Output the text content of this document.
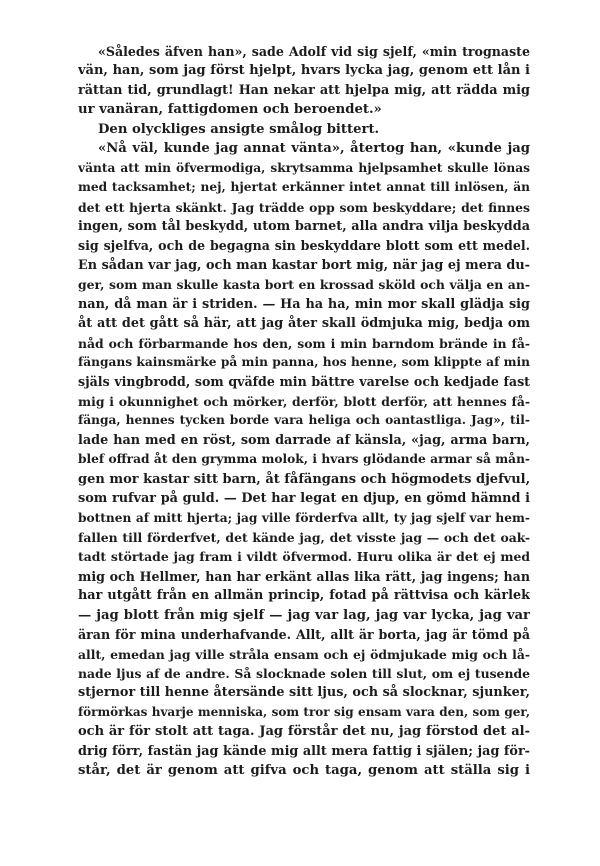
«Således äfven han», sade Adolf vid sig sjelf, «min trognaste
vän, han, som jag först hjelpt, hvars lycka jag, genom ett lån i
rättan tid, grundlagt! Han nekar att hjelpa mig, att rädda mig
ur vanäran, fattigdomen och beroendet.»
Den olyckliges ansigte smålog bittert.
«Nå väl, kunde jag annat vänta», återtog han, «kunde jag
vänta att min öfvermodiga, skrytsamma hjelpsamhet skulle lönas
med tacksamhet; nej, hjertat erkänner intet annat till inlösen, än
det ett hjerta skänkt. Jag trädde opp som beskyddare; det finnes
ingen, som tål beskydd, utom barnet, alla andra vilja beskydda
sig sjelfva, och de begagna sin beskyddare blott som ett medel.
En sådan var jag, och man kastar bort mig, när jag ej mera du-
ger, som man skulle kasta bort en krossad sköld och välja en an-
nan, då man är i striden. — Ha ha ha, min mor skall glädja sig
åt att det gått så här, att jag åter skall ödmjuka mig, bedja om
nåd och förbarmande hos den, som i min barndom brände in få-
fängans kainsmärke på min panna, hos henne, som klippte af min
själs vingbrodd, som qväfde min bättre varelse och kedjade fast
mig i okunnighet och mörker, derför, blott derför, att hennes få-
fänga, hennes tycken borde vara heliga och oantastliga. Jag», til-
lade han med en röst, som darrade af känsla, «jag, arma barn,
blef offrad åt den grymma molok, i hvars glödande armar så mån-
gen mor kastar sitt barn, åt fåfängans och högmodets djefvul,
som rufvar på guld. — Det har legat en djup, en gömd hämnd i
bottnen af mitt hjerta; jag ville förderfva allt, ty jag sjelf var hem-
fallen till förderfvet, det kände jag, det visste jag — och det oak-
tadt störtade jag fram i vildt öfvermod. Huru olika är det ej med
mig och Hellmer, han har erkänt allas lika rätt, jag ingens; han
har utgått från en allmän princip, fotad på rättvisa och kärlek
— jag blott från mig sjelf — jag var lag, jag var lycka, jag var
äran för mina underhafvande. Allt, allt är borta, jag är tömd på
allt, emedan jag ville stråla ensam och ej ödmjukade mig och lå-
nade ljus af de andre. Så slocknade solen till slut, om ej tusende
stjernor till henne återsände sitt ljus, och så slocknar, sjunker,
förmörkas hvarje menniska, som tror sig ensam vara den, som ger,
och är för stolt att taga. Jag förstår det nu, jag förstod det al-
drig förr, fastän jag kände mig allt mera fattig i själen; jag för-
står, det är genom att gifva och taga, genom att ställa sig i
